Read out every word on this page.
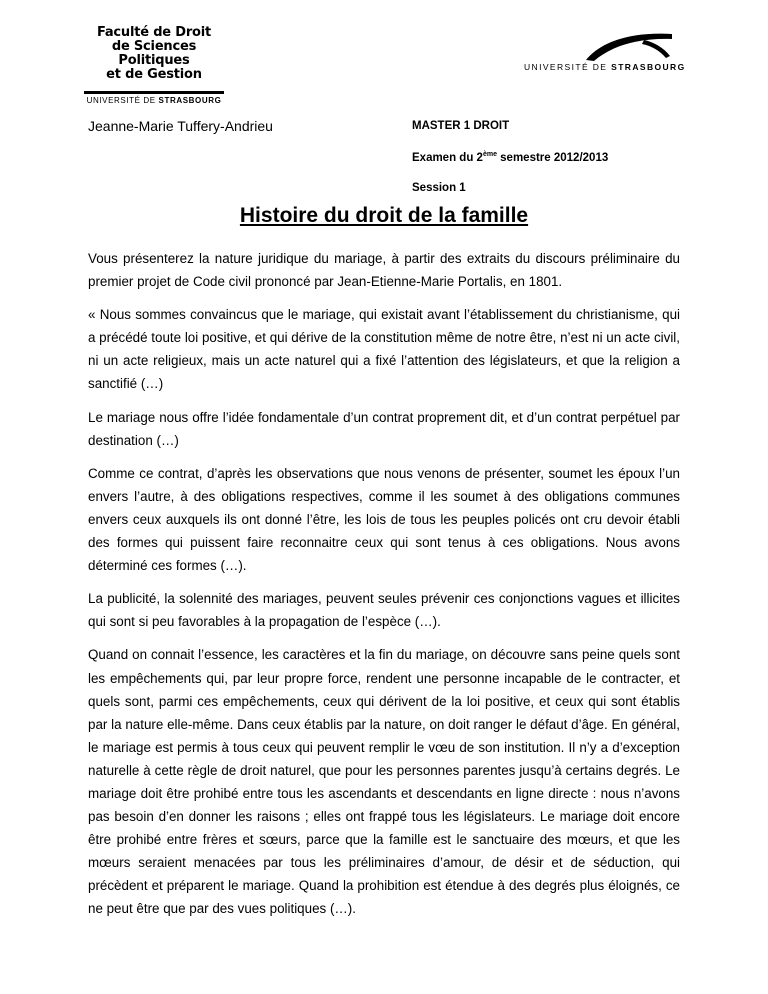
Faculté de Droit
de Sciences Politiques
et de Gestion
UNIVERSITÉ DE STRASBOURG
UNIVERSITÉ DE STRASBOURG
Jeanne-Marie Tuffery-Andrieu	MASTER 1 DROIT
Examen du 2ème semestre 2012/2013
Session 1
Histoire du droit de la famille

Vous présenterez la nature juridique du mariage, à partir des extraits du discours préliminaire du premier projet de Code civil prononcé par Jean-Etienne-Marie Portalis, en 1801.

« Nous sommes convaincus que le mariage, qui existait avant l’établissement du christianisme, qui a précédé toute loi positive, et qui dérive de la constitution même de notre être, n’est ni un acte civil, ni un acte religieux, mais un acte naturel qui a fixé l’attention des législateurs, et que la religion a sanctifié (…)

Le mariage nous offre l’idée fondamentale d’un contrat proprement dit, et d’un contrat perpétuel par destination (…)

Comme ce contrat, d’après les observations que nous venons de présenter, soumet les époux l’un envers l’autre, à des obligations respectives, comme il les soumet à des obligations communes envers ceux auxquels ils ont donné l’être, les lois de tous les peuples policés ont cru devoir établi des formes qui puissent faire reconnaitre ceux qui sont tenus à ces obligations. Nous avons déterminé ces formes (…).

La publicité, la solennité des mariages, peuvent seules prévenir ces conjonctions vagues et illicites qui sont si peu favorables à la propagation de l’espèce (…).

Quand on connait l’essence, les caractères et la fin du mariage, on découvre sans peine quels sont les empêchements qui, par leur propre force, rendent une personne incapable de le contracter, et quels sont, parmi ces empêchements, ceux qui dérivent de la loi positive, et ceux qui sont établis par la nature elle-même. Dans ceux établis par la nature, on doit ranger le défaut d’âge. En général, le mariage est permis à tous ceux qui peuvent remplir le vœu de son institution. Il n’y a d’exception naturelle à cette règle de droit naturel, que pour les personnes parentes jusqu’à certains degrés. Le mariage doit être prohibé entre tous les ascendants et descendants en ligne directe : nous n’avons pas besoin d’en donner les raisons ; elles ont frappé tous les législateurs. Le mariage doit encore être prohibé entre frères et sœurs, parce que la famille est le sanctuaire des mœurs, et que les mœurs seraient menacées par tous les préliminaires d’amour, de désir et de séduction, qui précèdent et préparent le mariage. Quand la prohibition est étendue à des degrés plus éloignés, ce ne peut être que par des vues politiques (…).
